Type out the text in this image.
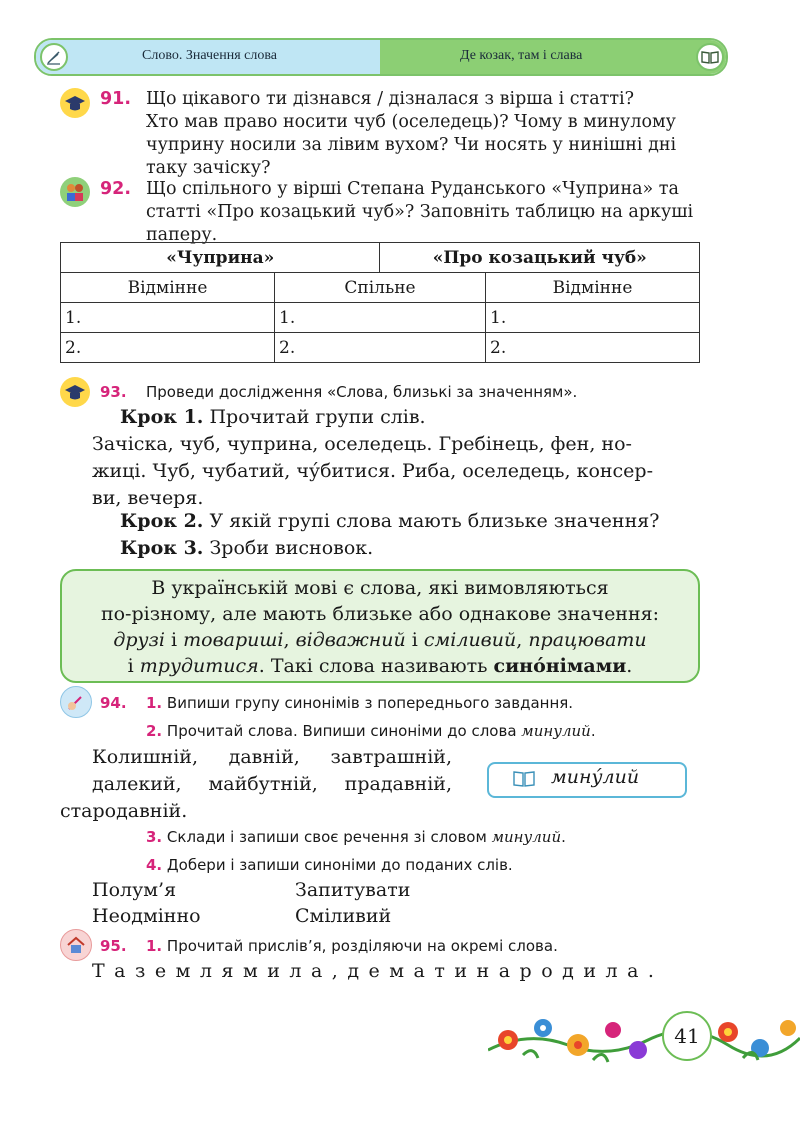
Слово. Значення слова	Де козак, там і слава
91. Що цікавого ти дізнався / дізналася з вірша і статті?
Хто мав право носити чуб (оселедець)? Чому в минулому
чуприну носили за лівим вухом? Чи носять у нинішні дні
таку зачіску?
92. Що спільного у вірші Степана Руданського «Чуприна» та
статті «Про козацький чуб»? Заповніть таблицю на аркуші
паперу.
«Чуприна»		«Про козацький чуб»	
Відмінне	Спільне		Відмінне
1.	1.		1.
2.	2.		2.
93. Проведи дослідження «Слова, близькі за значенням».
Крок 1. Прочитай групи слів.
Зачіска, чуб, чуприна, оселедець. Гребінець, фен, но-
жиці. Чуб, чубатий, чу́битися. Риба, оселедець, консер-
ви, вечеря.
Крок 2. У якій групі слова мають близьке значення?
Крок 3. Зроби висновок.

В українській мові є слова, які вимовляються

по-різному, але мають близьке або однакове значення:

друзі і товариші, відважний і сміливий, працювати

і трудитися. Такі слова називають сино́німами.

94. 1. Випиши групу синонімів з попереднього завдання.
2. Прочитай слова. Випиши синоніми до слова минулий.
Колишній, давній, завтрашній,
далекий, майбутній, прадавній,
стародавній.
мину́лий
3. Склади і запиши своє речення зі словом минулий.
4. Добери і запиши синоніми до поданих слів.
Полум’я	Запитувати
Неодмінно	Сміливий
95. 1. Прочитай прислів’я, розділяючи на окремі слова.
Таземлямила,дематинародила.
41
